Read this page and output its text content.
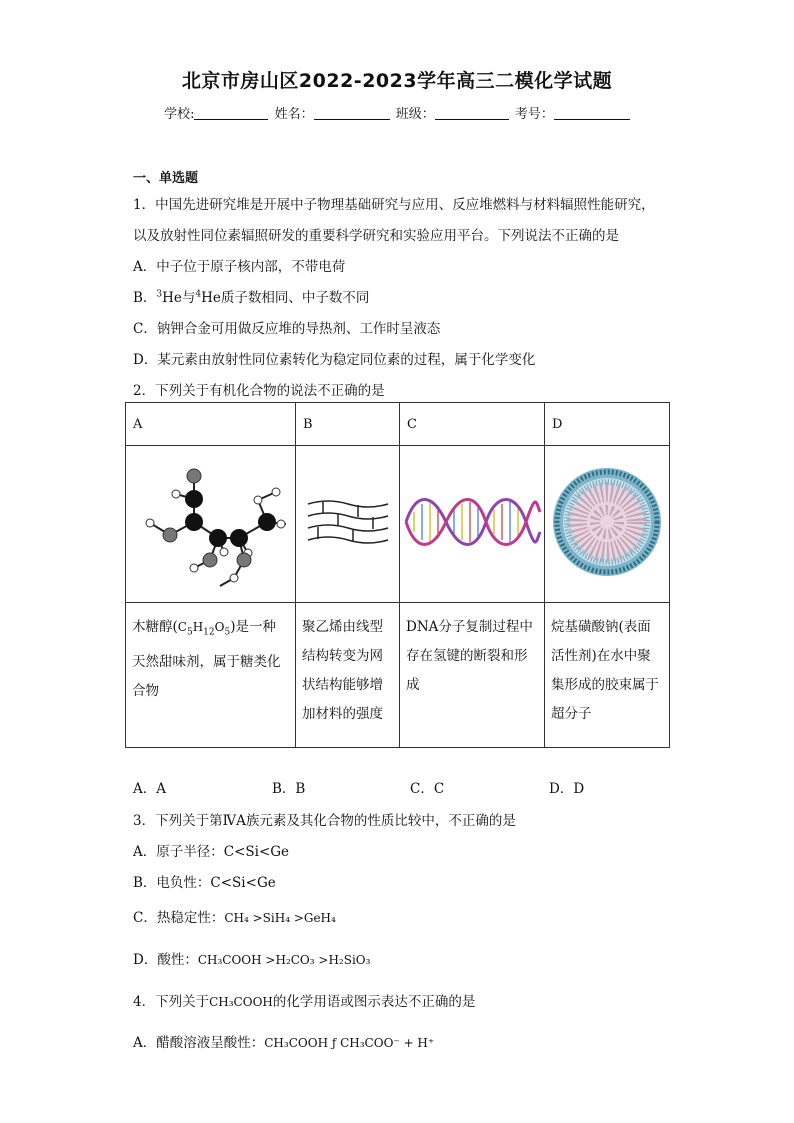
北京市房山区2022-2023学年高三二模化学试题
学校:	姓名：	班级：	考号：
一、单选题
1．中国先进研究堆是开展中子物理基础研究与应用、反应堆燃料与材料辐照性能研究，
以及放射性同位素辐照研发的重要科学研究和实验应用平台。下列说法不正确的是
A．中子位于原子核内部，不带电荷
B．$^3$He与$^4$He质子数相同、中子数不同
C．钠钾合金可用做反应堆的导热剂、工作时呈液态
D．某元素由放射性同位素转化为稳定同位素的过程，属于化学变化
2．下列关于有机化合物的说法不正确的是
A	B	C	D

木糖醇$(C_5H_{12}O_5)$是一种天然甜味剂，属于糖类化合物	聚乙烯由线型结构转变为网状结构能够增加材料的强度	DNA分子复制过程中存在氢键的断裂和形成	烷基磺酸钠(表面活性剂)在水中聚集形成的胶束属于超分子
A．A	B．B	C．C	D．D
3．下列关于第ⅣA族元素及其化合物的性质比较中，不正确的是
A．原子半径：C<Si<Ge
B．电负性：C<Si<Ge
C．热稳定性：CH₄ >SiH₄ >GeH₄
D．酸性：CH₃COOH >H₂CO₃ >H₂SiO₃
4．下列关于CH₃COOH的化学用语或图示表达不正确的是
A．醋酸溶液呈酸性：CH₃COOH ƒ CH₃COO⁻ + H⁺
